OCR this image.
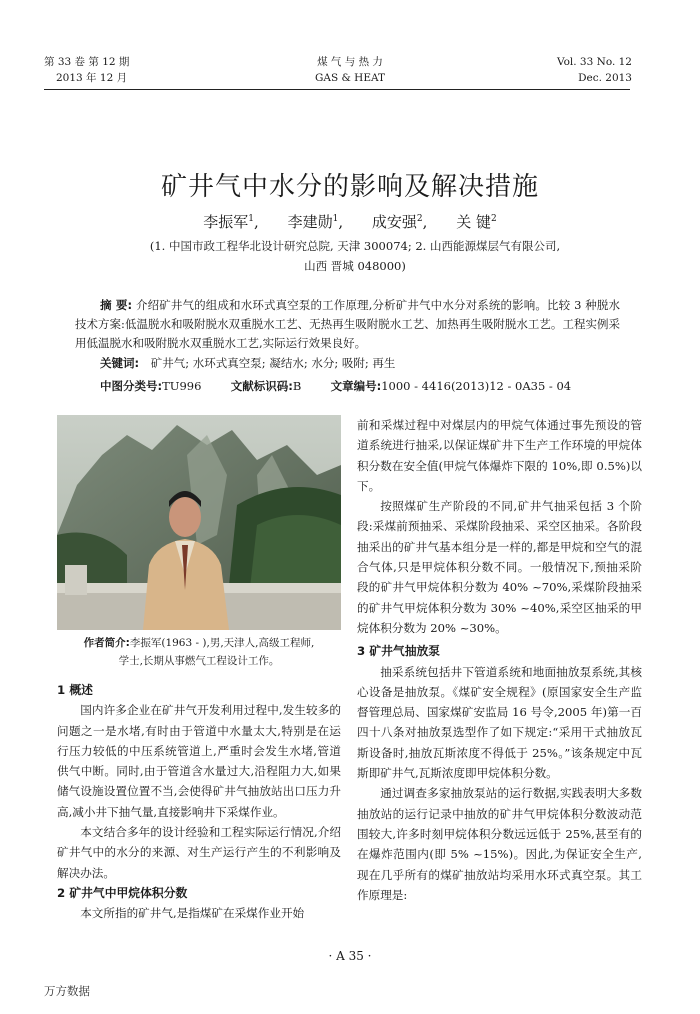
第 33 卷 第 12 期
2013 年 12 月
煤 气 与 热 力
GAS & HEAT
Vol. 33 No. 12
Dec. 2013
矿井气中水分的影响及解决措施
李振军$^1$, 李建勋$^1$, 成安强$^2$, 关 键$^2$
(1. 中国市政工程华北设计研究总院, 天津 300074; 2. 山西能源煤层气有限公司,
山西 晋城 048000)
摘 要: 介绍矿井气的组成和水环式真空泵的工作原理,分析矿井气中水分对系统的影响。比较 3 种脱水技术方案:低温脱水和吸附脱水双重脱水工艺、无热再生吸附脱水工艺、加热再生吸附脱水工艺。工程实例采用低温脱水和吸附脱水双重脱水工艺,实际运行效果良好。
关键词: 矿井气; 水环式真空泵; 凝结水; 水分; 吸附; 再生
中图分类号:TU996	文献标识码:B	文章编号:1000 - 4416(2013)12 - 0A35 - 04
作者简介:李振军(1963 - ),男,天津人,高级工程师,
学士,长期从事燃气工程设计工作。

1 概述

国内许多企业在矿井气开发利用过程中,发生较多的问题之一是水堵,有时由于管道中水量太大,特别是在运行压力较低的中压系统管道上,严重时会发生水堵,管道供气中断。同时,由于管道含水量过大,沿程阻力大,如果储气设施设置位置不当,会使得矿井气抽放站出口压力升高,减小井下抽气量,直接影响井下采煤作业。

本文结合多年的设计经验和工程实际运行情况,介绍矿井气中的水分的来源、对生产运行产生的不利影响及解决办法。

2 矿井气中甲烷体积分数

本文所指的矿井气,是指煤矿在采煤作业开始

前和采煤过程中对煤层内的甲烷气体通过事先预设的管道系统进行抽采,以保证煤矿井下生产工作环境的甲烷体积分数在安全值(甲烷气体爆炸下限的 10%,即 0.5%)以下。

按照煤矿生产阶段的不同,矿井气抽采包括 3 个阶段:采煤前预抽采、采煤阶段抽采、采空区抽采。各阶段抽采出的矿井气基本组分是一样的,都是甲烷和空气的混合气体,只是甲烷体积分数不同。一般情况下,预抽采阶段的矿井气甲烷体积分数为 40% ~70%,采煤阶段抽采的矿井气甲烷体积分数为 30% ~40%,采空区抽采的甲烷体积分数为 20% ~30%。

3 矿井气抽放泵

抽采系统包括井下管道系统和地面抽放泵系统,其核心设备是抽放泵。《煤矿安全规程》(原国家安全生产监督管理总局、国家煤矿安监局 16 号令,2005 年)第一百四十八条对抽放泵选型作了如下规定:“采用干式抽放瓦斯设备时,抽放瓦斯浓度不得低于 25%。”该条规定中瓦斯即矿井气,瓦斯浓度即甲烷体积分数。

通过调查多家抽放泵站的运行数据,实践表明大多数抽放站的运行记录中抽放的矿井气甲烷体积分数波动范围较大,许多时刻甲烷体积分数远远低于 25%,甚至有的在爆炸范围内(即 5% ~15%)。因此,为保证安全生产,现在几乎所有的煤矿抽放站均采用水环式真空泵。其工作原理是:

· A 35 ·
万方数据
